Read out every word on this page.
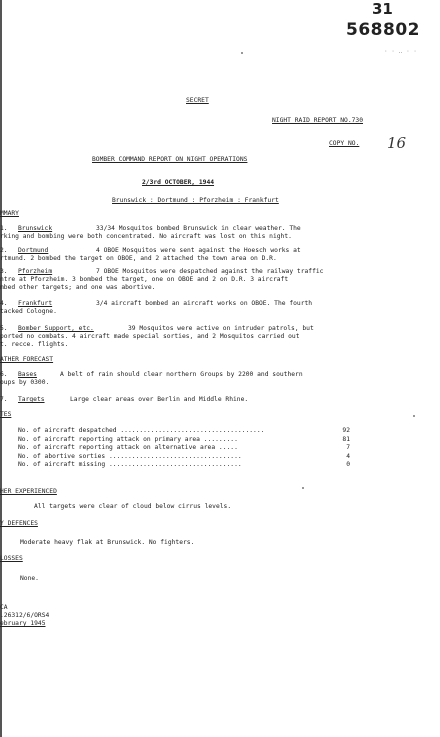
31
568802
· · ‥ · ·
SECRET
NIGHT RAID REPORT NO.730
COPY NO. 16
BOMBER COMMAND REPORT ON NIGHT OPERATIONS
2/3rd OCTOBER, 1944
Brunswick : Dortmund : Pforzheim : Frankfurt
MMARY
1. Brunswick	33/34 Mosquitos bombed Brunswick in clear weather. The
rking and bombing were both concentrated. No aircraft was lost on this night.
2. Dortmund	4 OBOE Mosquitos were sent against the Hoesch works at
rtmund. 2 bombed the target on OBOE, and 2 attached the town area on D.R.
3. Pforzheim	7 OBOE Mosquitos were despatched against the railway traffic
ntre at Pforzheim. 3 bombed the target, one on OBOE and 2 on D.R. 3 aircraft
mbed other targets; and one was abortive.
4. Frankfurt	3/4 aircraft bombed an aircraft works on OBOE. The fourth
tacked Cologne.
5. Bomber Support, etc.	39 Mosquitos were active on intruder patrols, but
ported no combats. 4 aircraft made special sorties, and 2 Mosquitos carried out
t. recce. flights.
ATHER FORECAST
6. Bases	A belt of rain should clear northern Groups by 2200 and southern
oups by 0300.
7. Targets	Large clear areas over Berlin and Middle Rhine.
TES
No. of aircraft despatched ......................................	92
No. of aircraft reporting attack on primary area .........	81
No. of aircraft reporting attack on alternative area .....	7
No. of abortive sorties ...................................	4
No. of aircraft missing ...................................	0
HER EXPERIENCED
All targets were clear of cloud below cirrus levels.
Y DEFENCES
Moderate heavy flak at Brunswick. No fighters.
LOSSES
None.
CA
.26312/6/ORS4
ebruary 1945
